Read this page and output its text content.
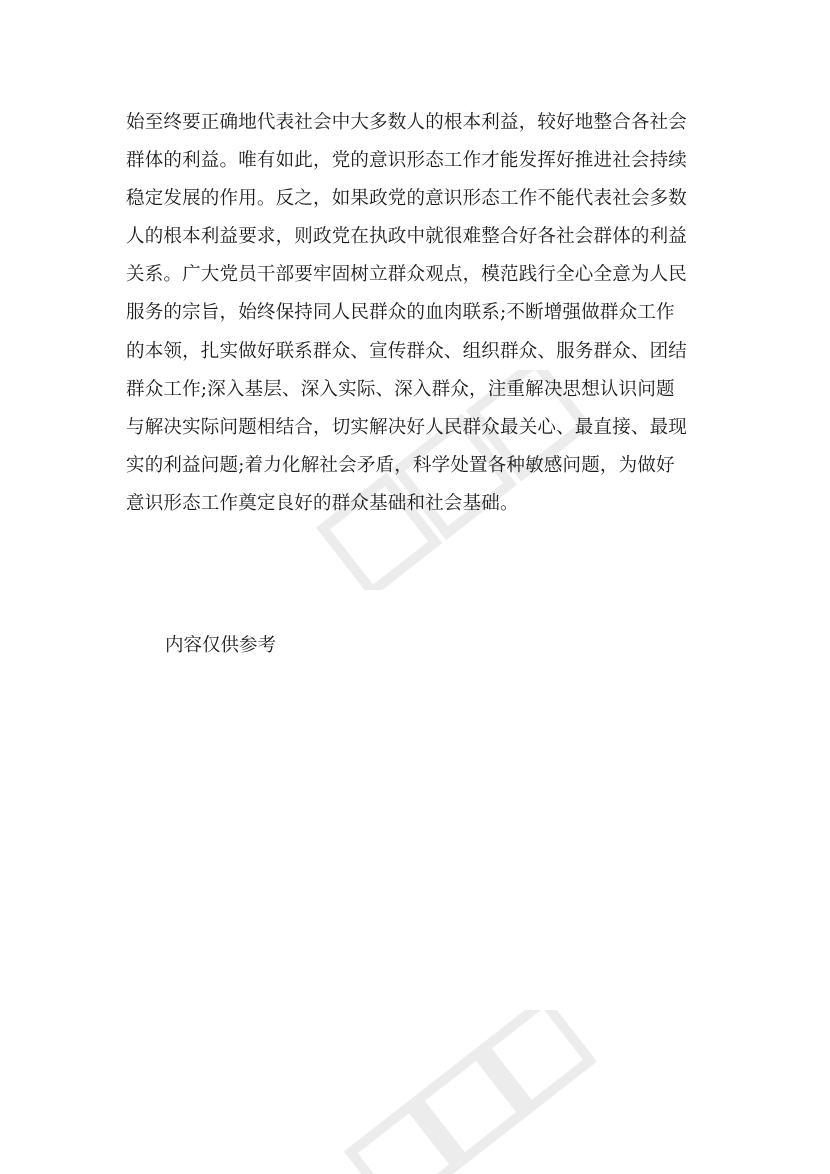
始至终要正确地代表社会中大多数人的根本利益，较好地整合各社会
群体的利益。唯有如此，党的意识形态工作才能发挥好推进社会持续
稳定发展的作用。反之，如果政党的意识形态工作不能代表社会多数
人的根本利益要求，则政党在执政中就很难整合好各社会群体的利益
关系。广大党员干部要牢固树立群众观点，模范践行全心全意为人民
服务的宗旨，始终保持同人民群众的血肉联系;不断增强做群众工作
的本领，扎实做好联系群众、宣传群众、组织群众、服务群众、团结
群众工作;深入基层、深入实际、深入群众，注重解决思想认识问题
与解决实际问题相结合，切实解决好人民群众最关心、最直接、最现
实的利益问题;着力化解社会矛盾，科学处置各种敏感问题，为做好
意识形态工作奠定良好的群众基础和社会基础。
内容仅供参考
